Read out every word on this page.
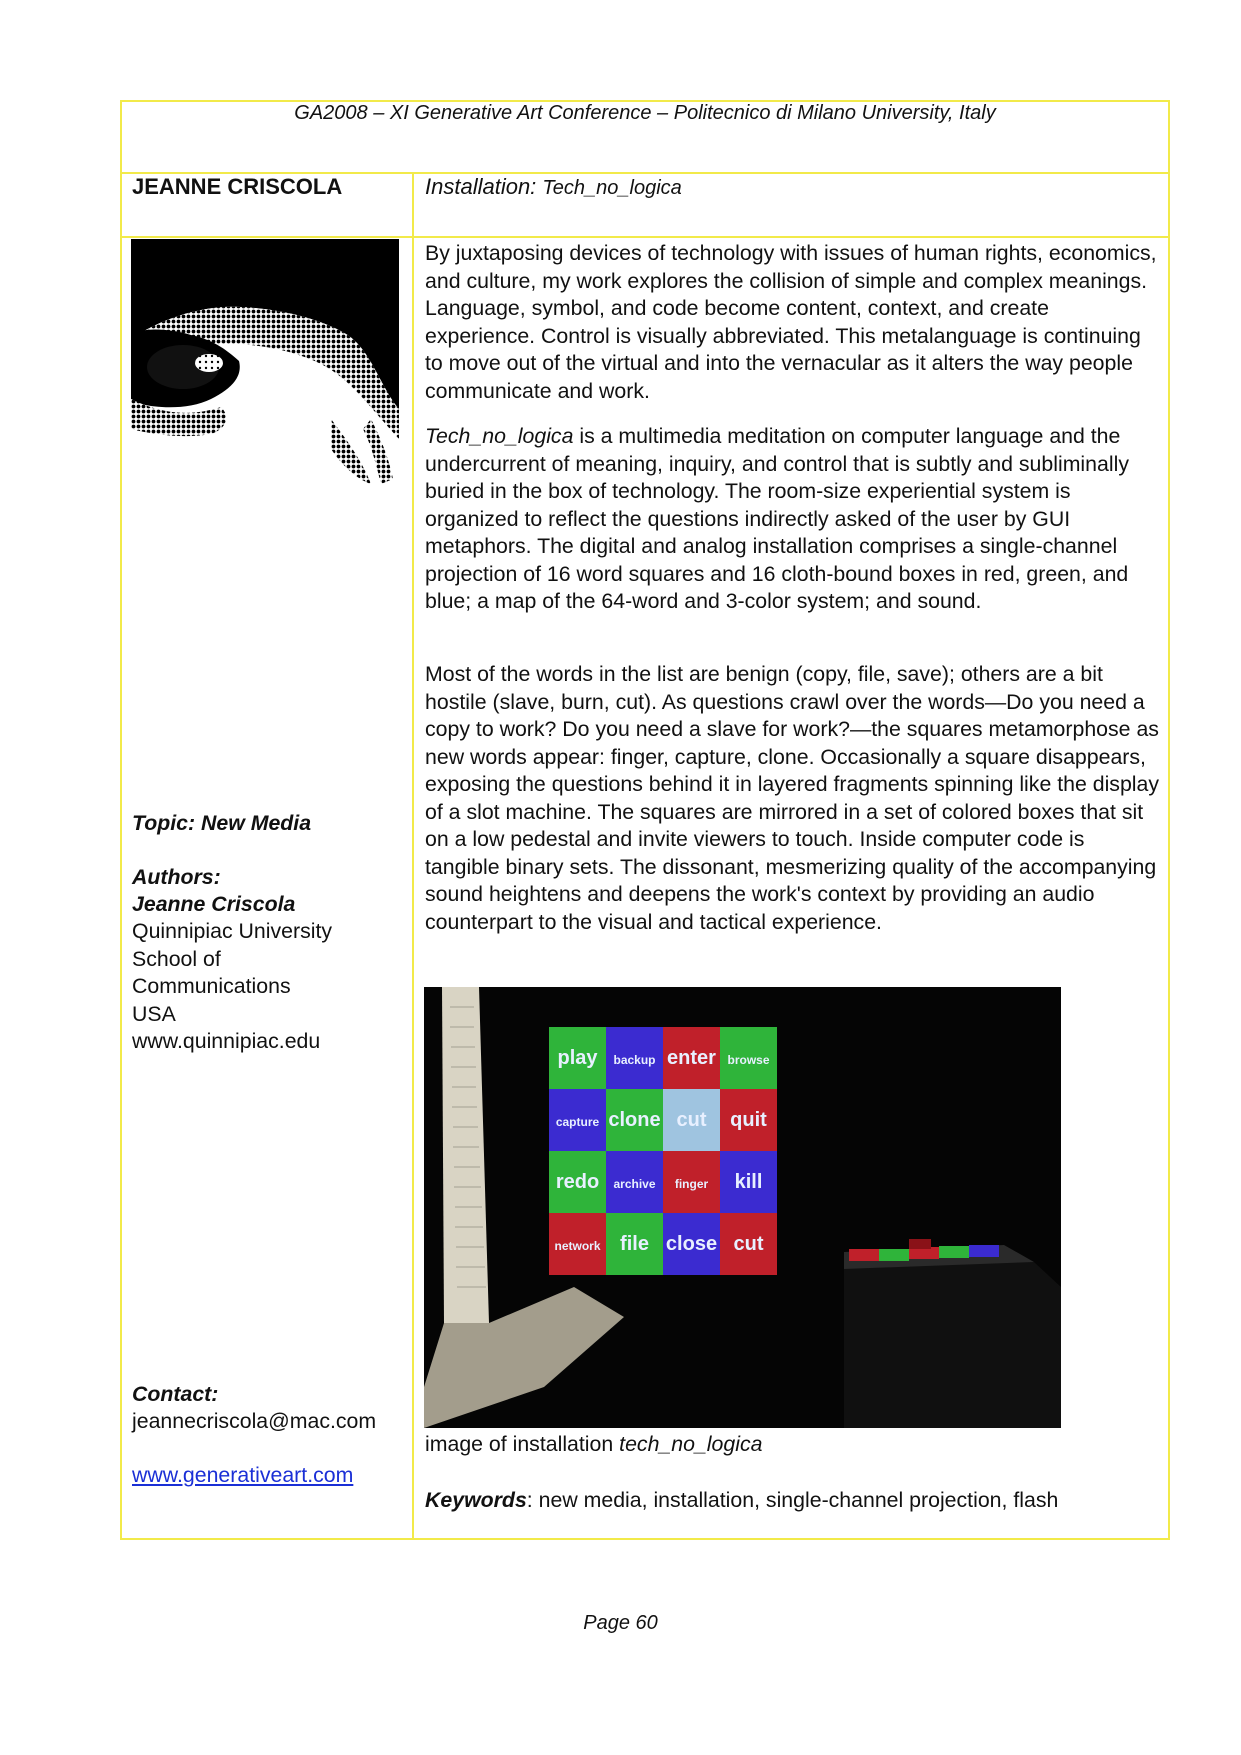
GA2008 – XI Generative Art Conference – Politecnico di Milano University, Italy
JEANNE CRISCOLA	Installation: Tech_no_logica
By juxtaposing devices of technology with issues of human rights, economics, and culture, my work explores the collision of simple and complex meanings. Language, symbol, and code become content, context, and create experience. Control is visually abbreviated. This metalanguage is continuing to move out of the virtual and into the vernacular as it alters the way people communicate and work.
Tech_no_logica is a multimedia meditation on computer language and the undercurrent of meaning, inquiry, and control that is subtly and subliminally buried in the box of technology. The room-size experiential system is organized to reflect the questions indirectly asked of the user by GUI metaphors. The digital and analog installation comprises a single-channel projection of 16 word squares and 16 cloth-bound boxes in red, green, and blue; a map of the 64-word and 3-color system; and sound.
Most of the words in the list are benign (copy, file, save); others are a bit hostile (slave, burn, cut). As questions crawl over the words—Do you need a copy to work? Do you need a slave for work?—the squares metamorphose as new words appear: finger, capture, clone. Occasionally a square disappears, exposing the questions behind it in layered fragments spinning like the display of a slot machine. The squares are mirrored in a set of colored boxes that sit on a low pedestal and invite viewers to touch. Inside computer code is tangible binary sets. The dissonant, mesmerizing quality of the accompanying sound heightens and deepens the work's context by providing an audio counterpart to the visual and tactical experience.
Topic: New Media
Authors:
Jeanne Criscola
Quinnipiac University
School of
Communications
USA
www.quinnipiac.edu
Contact:
jeannecriscola@mac.com
www.generativeart.com
play backup enter browse
capture clone cut quit
redo archive finger kill
network file close cut
image of installation tech_no_logica
Keywords: new media, installation, single-channel projection, flash
Page 60
